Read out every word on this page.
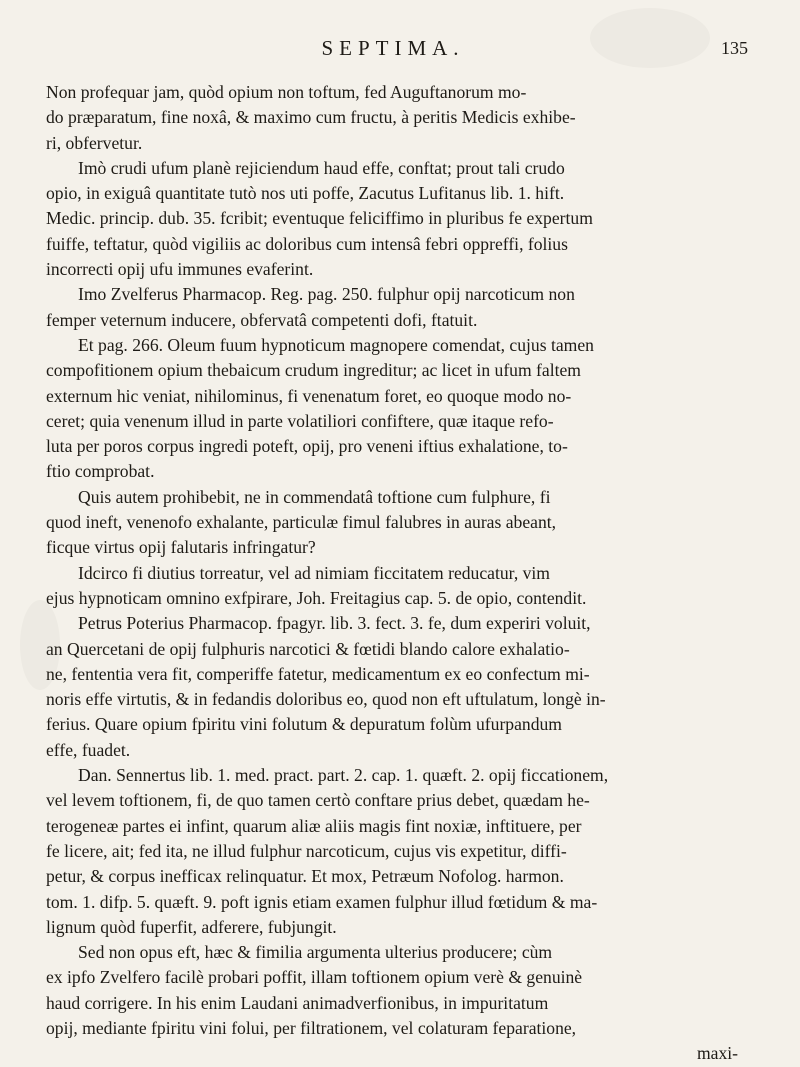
SEPTIMA.	135
Non profequar jam, quòd opium non toftum, fed Auguftanorum mo-
do præparatum, fine noxâ, & maximo cum fructu, à peritis Medicis exhibe-
ri, obfervetur.
Imò crudi ufum planè rejiciendum haud effe, conftat; prout tali crudo
opio, in exiguâ quantitate tutò nos uti poffe, Zacutus Lufitanus lib. 1. hift.
Medic. princip. dub. 35. fcribit; eventuque feliciffimo in pluribus fe expertum
fuiffe, teftatur, quòd vigiliis ac doloribus cum intensâ febri oppreffi, folius
incorrecti opij ufu immunes evaferint.
Imo Zvelferus Pharmacop. Reg. pag. 250. fulphur opij narcoticum non
femper veternum inducere, obfervatâ competenti dofi, ftatuit.
Et pag. 266. Oleum fuum hypnoticum magnopere comendat, cujus tamen
compofitionem opium thebaicum crudum ingreditur; ac licet in ufum faltem
externum hic veniat, nihilominus, fi venenatum foret, eo quoque modo no-
ceret; quia venenum illud in parte volatiliori confiftere, quæ itaque refo-
luta per poros corpus ingredi poteft, opij, pro veneni iftius exhalatione, to-
ftio comprobat.
Quis autem prohibebit, ne in commendatâ toftione cum fulphure, fi
quod ineft, venenofo exhalante, particulæ fimul falubres in auras abeant,
ficque virtus opij falutaris infringatur?
Idcirco fi diutius torreatur, vel ad nimiam ficcitatem reducatur, vim
ejus hypnoticam omnino exfpirare, Joh. Freitagius cap. 5. de opio, contendit.
Petrus Poterius Pharmacop. fpagyr. lib. 3. fect. 3. fe, dum experiri voluit,
an Quercetani de opij fulphuris narcotici & fœtidi blando calore exhalatio-
ne, fententia vera fit, comperiffe fatetur, medicamentum ex eo confectum mi-
noris effe virtutis, & in fedandis doloribus eo, quod non eft uftulatum, longè in-
ferius. Quare opium fpiritu vini folutum & depuratum folùm ufurpandum
effe, fuadet.
Dan. Sennertus lib. 1. med. pract. part. 2. cap. 1. quæft. 2. opij ficcationem,
vel levem toftionem, fi, de quo tamen certò conftare prius debet, quædam he-
terogeneæ partes ei infint, quarum aliæ aliis magis fint noxiæ, inftituere, per
fe licere, ait; fed ita, ne illud fulphur narcoticum, cujus vis expetitur, diffi-
petur, & corpus inefficax relinquatur. Et mox, Petræum Nofolog. harmon.
tom. 1. difp. 5. quæft. 9. poft ignis etiam examen fulphur illud fœtidum & ma-
lignum quòd fuperfit, adferere, fubjungit.
Sed non opus eft, hæc & fimilia argumenta ulterius producere; cùm
ex ipfo Zvelfero facilè probari poffit, illam toftionem opium verè & genuinè
haud corrigere. In his enim Laudani animadverfionibus, in impuritatum
opij, mediante fpiritu vini folui, per filtrationem, vel colaturam feparatione,
maxi-
